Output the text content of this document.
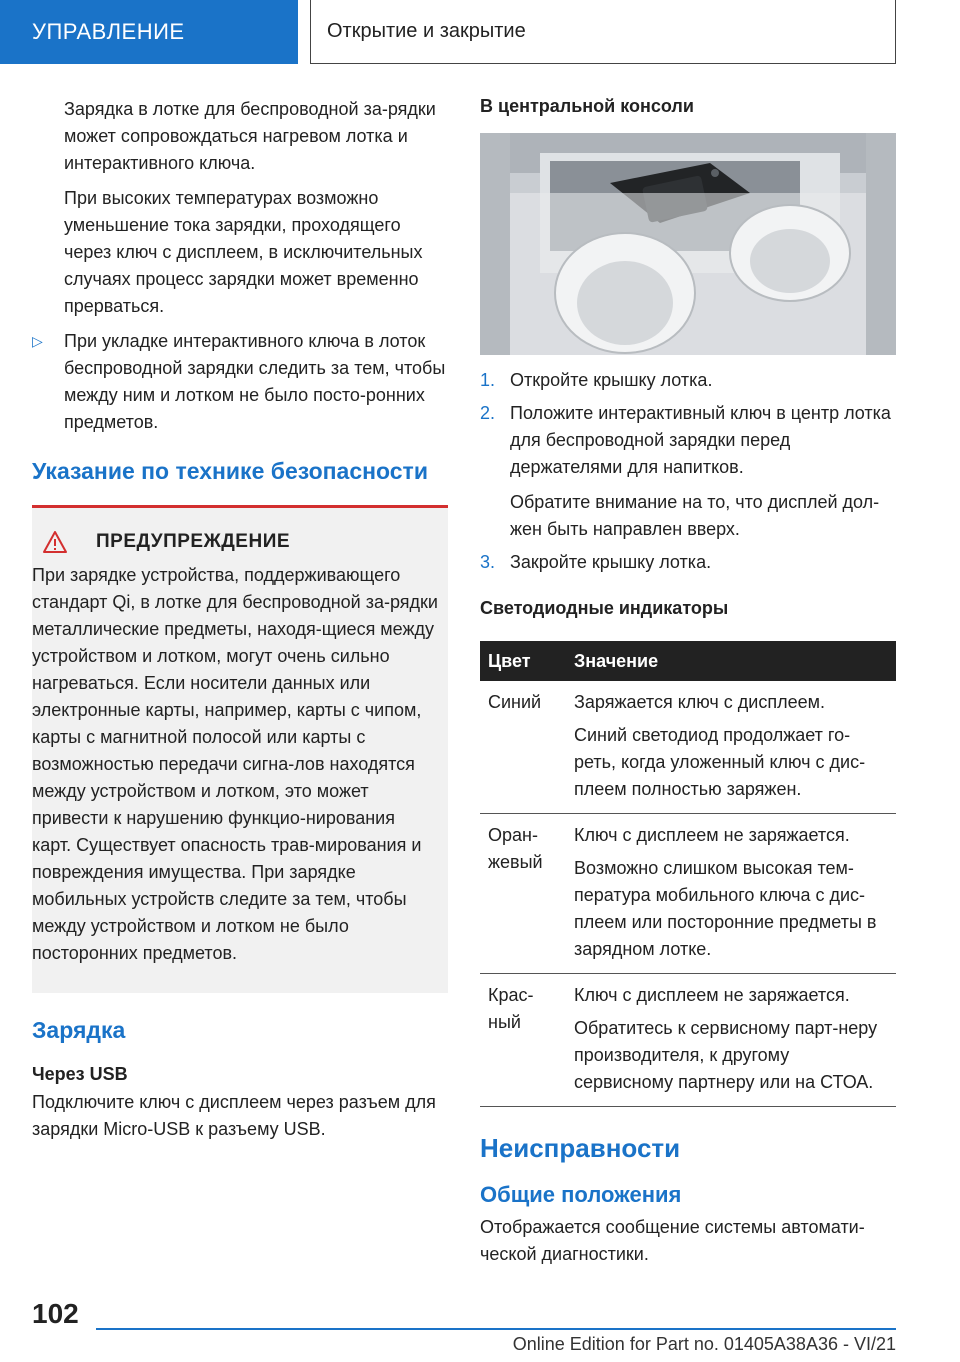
УПРАВЛЕНИЕ	Открытие и закрытие

Зарядка в лотке для беспроводной за-рядки может сопровождаться нагревом лотка и интерактивного ключа.

При высоких температурах возможно уменьшение тока зарядки, проходящего через ключ с дисплеем, в исключительных случаях процесс зарядки может временно прерваться.

▷	При укладке интерактивного ключа в лоток беспроводной зарядки следить за тем, чтобы между ним и лотком не было посто-ронних предметов.

Указание по технике безопасности
ПРЕДУПРЕЖДЕНИЕ

При зарядке устройства, поддерживающего стандарт Qi, в лотке для беспроводной за-рядки металлические предметы, находя-щиеся между устройством и лотком, могут очень сильно нагреваться. Если носители данных или электронные карты, например, карты с чипом, карты с магнитной полосой или карты с возможностью передачи сигна-лов находятся между устройством и лотком, это может привести к нарушению функцио-нирования карт. Существует опасность трав-мирования и повреждения имущества. При зарядке мобильных устройств следите за тем, чтобы между устройством и лотком не было посторонних предметов.

Зарядка
Через USB

Подключите ключ с дисплеем через разъем для зарядки Micro-USB к разъему USB.

В центральной консоли
1. Откройте крышку лотка.

2. Положите интерактивный ключ в центр лотка для беспроводной зарядки перед держателями для напитков.

Обратите внимание на то, что дисплей дол-жен быть направлен вверх.

3. Закройте крышку лотка.

Светодиодные индикаторы
Цвет	Значение
Синий	Заряжается ключ с дисплеем.

Синий светодиод продолжает го-реть, когда уложенный ключ с дис-плеем полностью заряжен.

Оран-жевый	Ключ с дисплеем не заряжается.

Возможно слишком высокая тем-пература мобильного ключа с дис-плеем или посторонние предметы в зарядном лотке.

Крас-ный	Ключ с дисплеем не заряжается.

Обратитесь к сервисному парт-неру производителя, к другому сервисному партнеру или на СТОА.

Неисправности
Общие положения

Отображается сообщение системы автомати-ческой диагностики.

102
Online Edition for Part no. 01405A38A36 - VI/21
